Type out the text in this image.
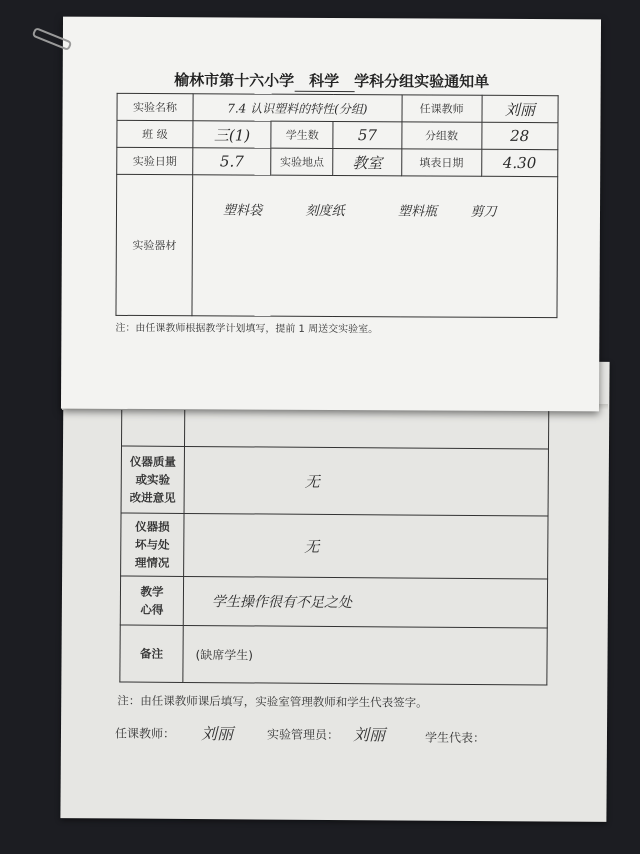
仪器质量
或实验
改进意见	无
仪器损
坏与处
理情况	无
教学
心得	学生操作很有不足之处
备注	(缺席学生)
注：由任课教师课后填写，实验室管理教师和学生代表签字。
任课教师： 刘丽	实验管理员： 刘丽	学生代表：
榆林市第十六小学 科学 学科分组实验通知单
实验名称	7.4 认识塑料的特性(分组)			任课教师	刘丽
班 级	三(1)	学生数	57	分组数	28
实验日期	5.7	实验地点	教室	填表日期	4.30
实验器材	塑料袋 刻度纸 塑料瓶 剪刀				
注：由任课教师根据教学计划填写，提前 1 周送交实验室。
